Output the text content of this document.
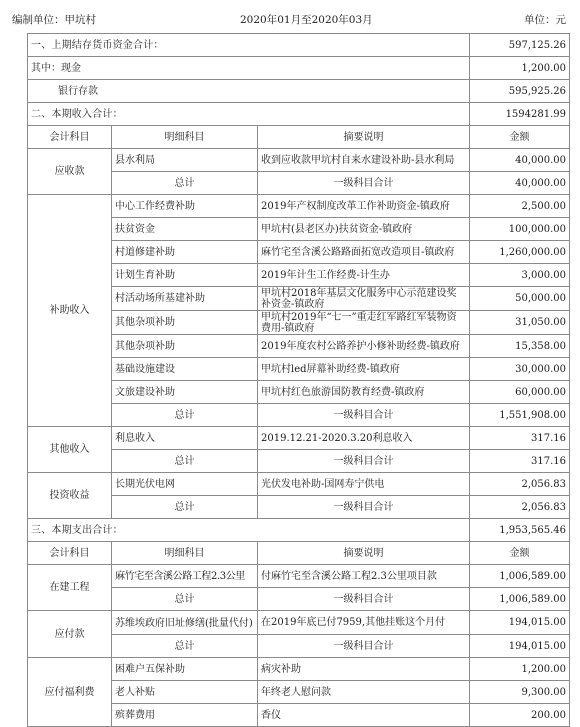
编制单位：甲坑村	2020年01月至2020年03月	单位：元
一、上期结存货币资金合计：			597,125.26
其中：现金			1,200.00
银行存款			595,925.26
二、本期收入合计：			1594281.99
会计科目	明细科目	摘要说明	金额
应收款	县水利局	收到应收款甲坑村自来水建设补助-县水利局	40,000.00
	总计	一级科目合计	40,000.00
补助收入	中心工作经费补助	2019年产权制度改革工作补助资金-镇政府	2,500.00
	扶贫资金	甲坑村(县老区办)扶贫资金-镇政府	100,000.00
	村道修建补助	麻竹宅至含溪公路路面拓宽改造项目-镇政府	1,260,000.00
	计划生育补助	2019年计生工作经费-计生办	3,000.00
	村活动场所基建补助	甲坑村2018年基层文化服务中心示范建设奖补资金-镇政府	50,000.00
	其他杂项补助	甲坑村2019年“七一”重走红军路红军装物资费用-镇政府	31,050.00
	其他杂项补助	2019年度农村公路养护小修补助经费-镇政府	15,358.00
	基础设施建设	甲坑村led屏幕补助经费-镇政府	30,000.00
	文旅建设补助	甲坑村红色旅游国防教育经费-镇政府	60,000.00
	总计	一级科目合计	1,551,908.00
其他收入	利息收入	2019.12.21-2020.3.20利息收入	317.16
	总计	一级科目合计	317.16
投资收益	长期光伏电网	光伏发电补助-国网寿宁供电	2,056.83
	总计	一级科目合计	2,056.83
三、本期支出合计：			1,953,565.46
会计科目	明细科目	摘要说明	金额
在建工程	麻竹宅至含溪公路工程2.3公里	付麻竹宅至含溪公路工程2.3公里项目款	1,006,589.00
	总计	一级科目合计	1,006,589.00
应付款	苏维埃政府旧址修缮(批量代付)	在2019年底已付7959,其他挂账这个月付	194,015.00
	总计	一级科目合计	194,015.00
应付福利费	困难户五保补助	病灾补助	1,200.00
	老人补贴	年终老人慰问款	9,300.00
	殡葬费用	香仪	200.00
